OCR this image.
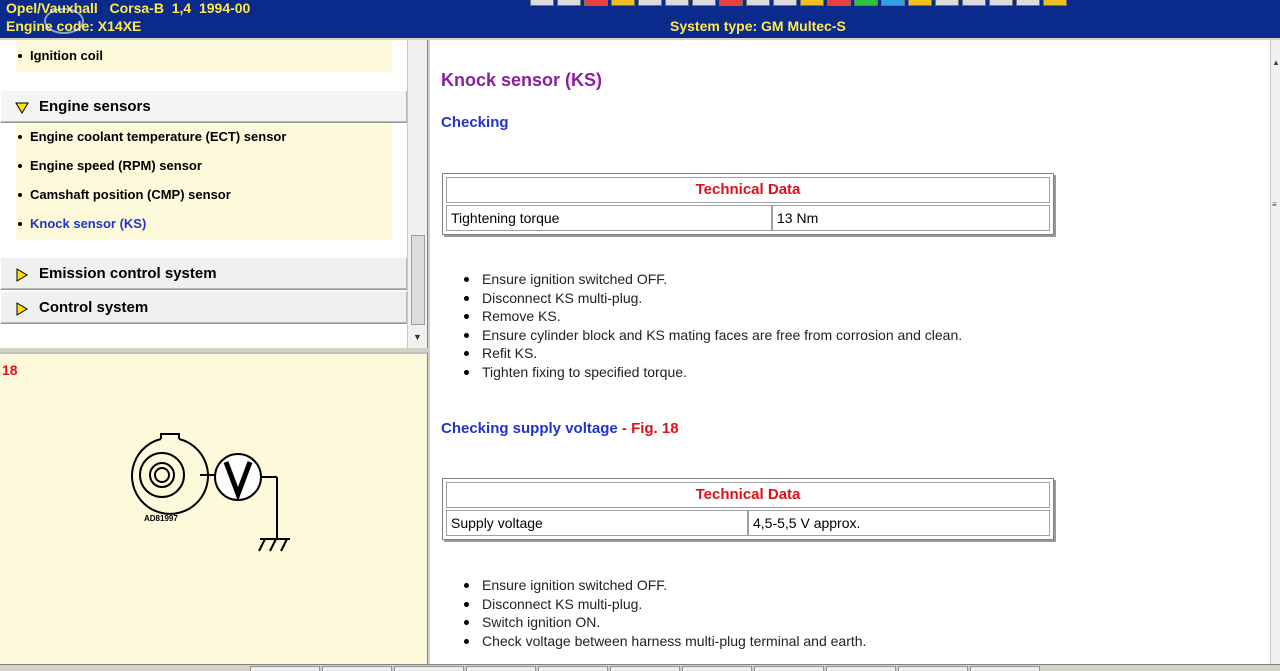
Opel/Vauxhall   Corsa-B  1,4  1994-00
Engine code: X14XE	System type: GM Multec-S
Ignition coil
Engine sensors
Engine coolant temperature (ECT) sensor
Engine speed (RPM) sensor
Camshaft position (CMP) sensor
Knock sensor (KS)
Emission control system
Control system
▼
18
AD81997
Knock sensor (KS)
Checking
Technical Data
Tightening torque	13 Nm
Ensure ignition switched OFF.
Disconnect KS multi-plug.
Remove KS.
Ensure cylinder block and KS mating faces are free from corrosion and clean.
Refit KS.
Tighten fixing to specified torque.
Checking supply voltage - Fig. 18
Technical Data
Supply voltage	4,5-5,5 V approx.
Ensure ignition switched OFF.
Disconnect KS multi-plug.
Switch ignition ON.
Check voltage between harness multi-plug terminal and earth.
▲
≡
